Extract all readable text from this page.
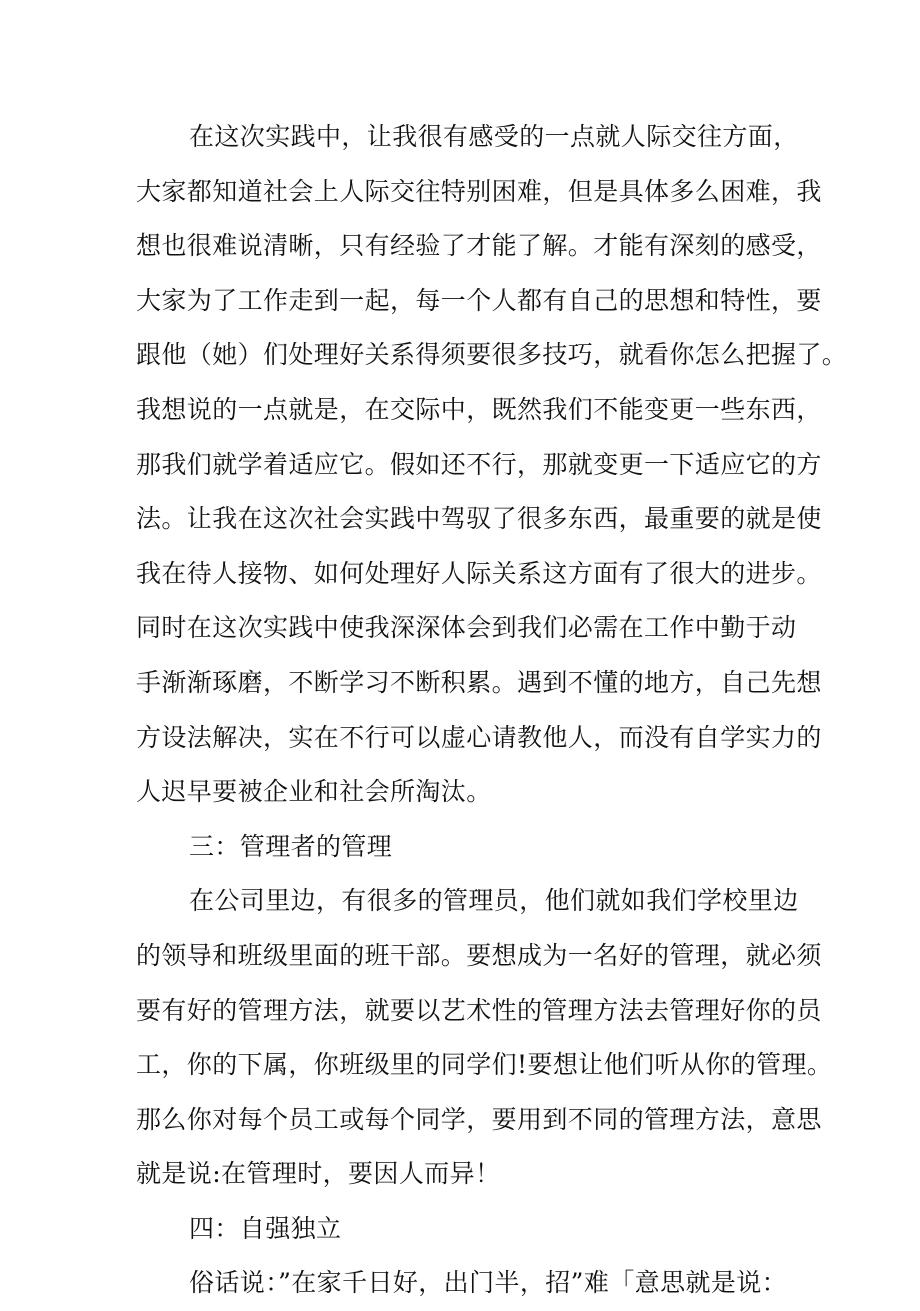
在这次实践中，让我很有感受的一点就人际交往方面，
大家都知道社会上人际交往特别困难，但是具体多么困难，我
想也很难说清晰，只有经验了才能了解。才能有深刻的感受，
大家为了工作走到一起，每一个人都有自己的思想和特性，要
跟他（她）们处理好关系得须要很多技巧，就看你怎么把握了。
我想说的一点就是，在交际中，既然我们不能变更一些东西，
那我们就学着适应它。假如还不行，那就变更一下适应它的方
法。让我在这次社会实践中驾驭了很多东西，最重要的就是使
我在待人接物、如何处理好人际关系这方面有了很大的进步。
同时在这次实践中使我深深体会到我们必需在工作中勤于动
手渐渐琢磨，不断学习不断积累。遇到不懂的地方，自己先想
方设法解决，实在不行可以虚心请教他人，而没有自学实力的
人迟早要被企业和社会所淘汰。
三：管理者的管理
在公司里边，有很多的管理员，他们就如我们学校里边
的领导和班级里面的班干部。要想成为一名好的管理，就必须
要有好的管理方法，就要以艺术性的管理方法去管理好你的员
工，你的下属，你班级里的同学们!要想让他们听从你的管理。
那么你对每个员工或每个同学，要用到不同的管理方法，意思
就是说:在管理时，要因人而异！
四：自强独立
俗话说：”在家千日好，出门半，招”难「意思就是说：
